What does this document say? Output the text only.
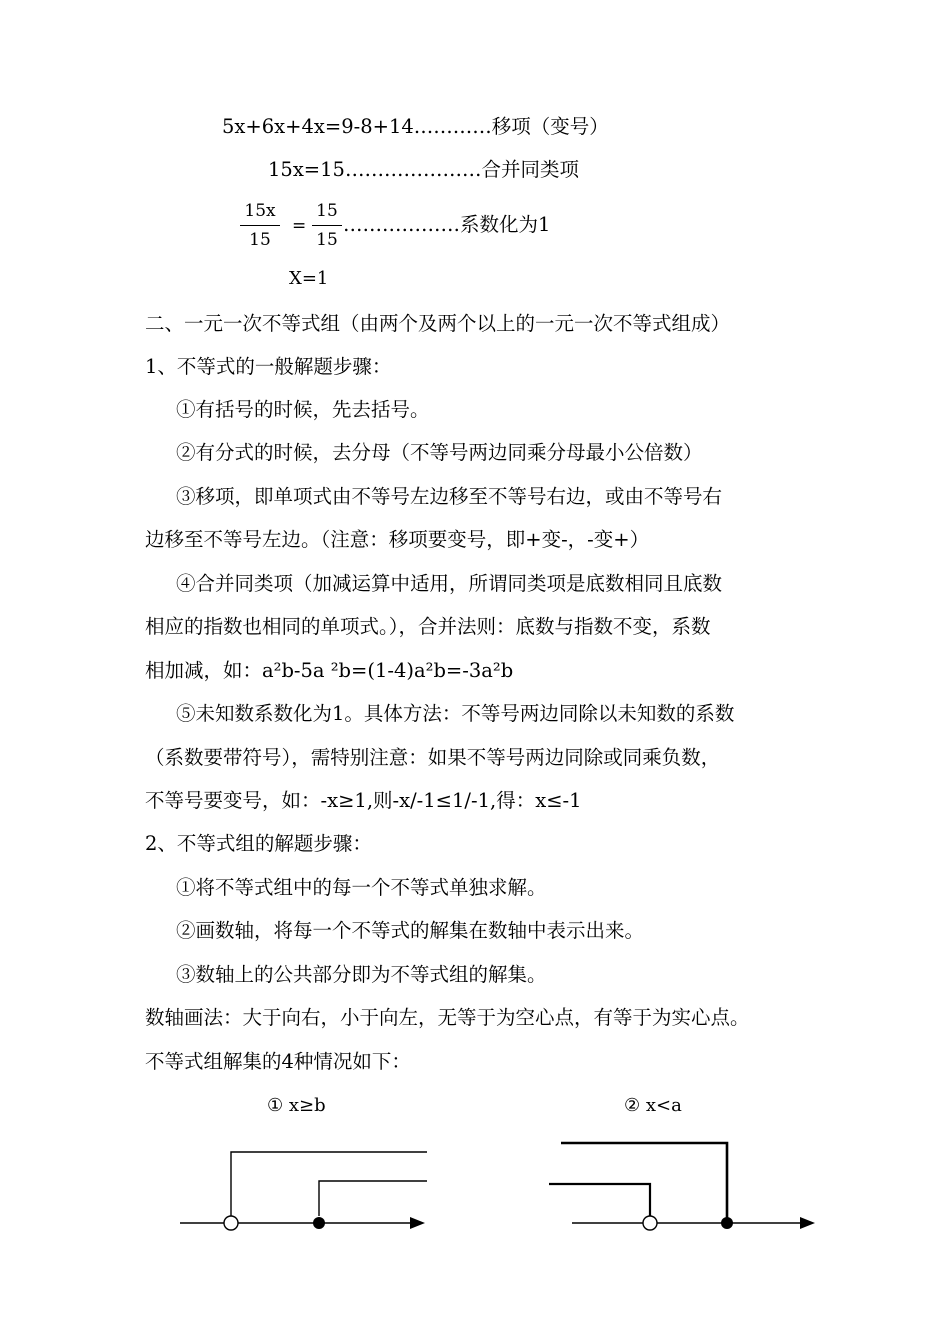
5x+6x+4x=9-8+14…………移项（变号）
15x=15…………………合并同类项
15x
15
=
15
15
………………系数化为1
X=1
二、一元一次不等式组（由两个及两个以上的一元一次不等式组成）
1、不等式的一般解题步骤：
①有括号的时候，先去括号。
②有分式的时候，去分母（不等号两边同乘分母最小公倍数）
③移项，即单项式由不等号左边移至不等号右边，或由不等号右
边移至不等号左边。（注意：移项要变号，即+变-，-变+）
④合并同类项（加减运算中适用，所谓同类项是底数相同且底数
相应的指数也相同的单项式。），合并法则：底数与指数不变，系数
相加减，如：a²b-5a ²b=(1-4)a²b=-3a²b
⑤未知数系数化为1。具体方法：不等号两边同除以未知数的系数
（系数要带符号），需特别注意：如果不等号两边同除或同乘负数，
不等号要变号，如：-x≥1,则-x/-1≤1/-1,得：x≤-1
2、不等式组的解题步骤：
①将不等式组中的每一个不等式单独求解。
②画数轴，将每一个不等式的解集在数轴中表示出来。
③数轴上的公共部分即为不等式组的解集。
数轴画法：大于向右，小于向左，无等于为空心点，有等于为实心点。
不等式组解集的4种情况如下：
① x≥b	② x<a
